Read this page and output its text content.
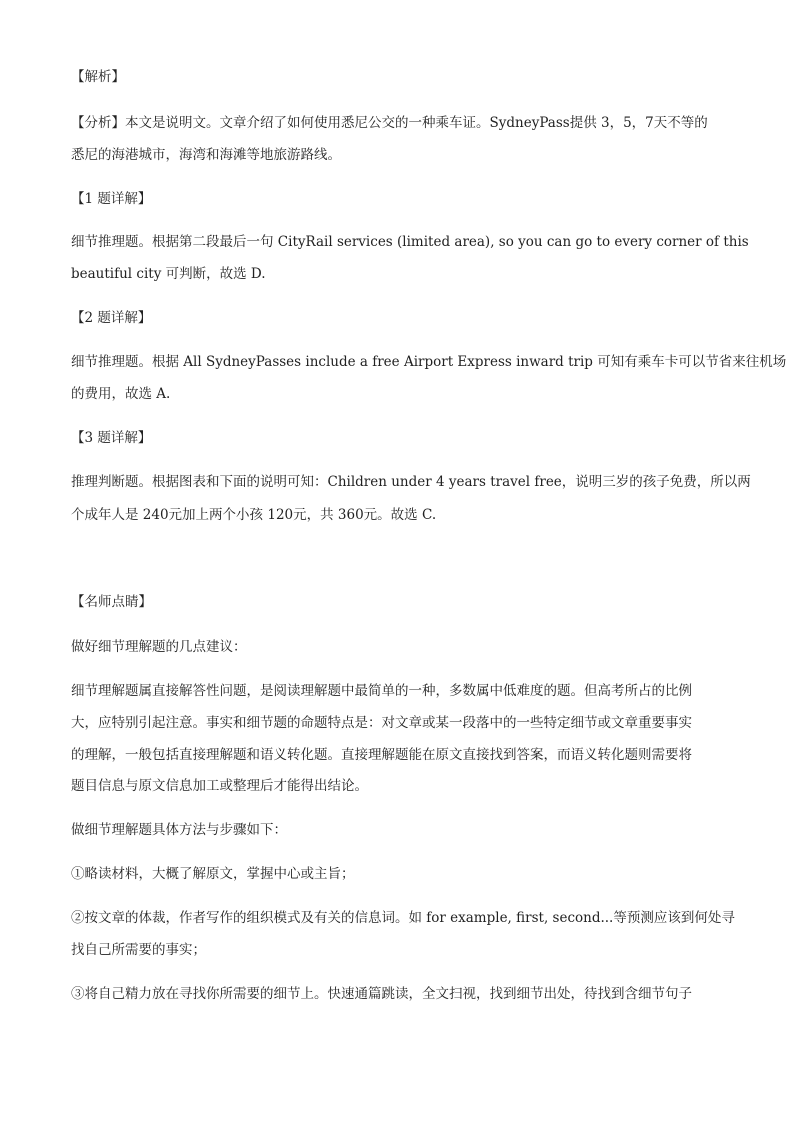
【解析】
【分析】本文是说明文。文章介绍了如何使用悉尼公交的一种乘车证。SydneyPass提供 3，5，7天不等的
悉尼的海港城市，海湾和海滩等地旅游路线。
【1 题详解】
细节推理题。根据第二段最后一句 CityRail services (limited area), so you can go to every corner of this
beautiful city 可判断，故选 D.
【2 题详解】
细节推理题。根据 All SydneyPasses include a free Airport Express inward trip 可知有乘车卡可以节省来往机场
的费用，故选 A.
【3 题详解】
推理判断题。根据图表和下面的说明可知：Children under 4 years travel free，说明三岁的孩子免费，所以两
个成年人是 240元加上两个小孩 120元，共 360元。故选 C.
【名师点睛】
做好细节理解题的几点建议：
细节理解题属直接解答性问题，是阅读理解题中最简单的一种，多数属中低难度的题。但高考所占的比例
大，应特别引起注意。事实和细节题的命题特点是：对文章或某一段落中的一些特定细节或文章重要事实
的理解，一般包括直接理解题和语义转化题。直接理解题能在原文直接找到答案，而语义转化题则需要将
题目信息与原文信息加工或整理后才能得出结论。
做细节理解题具体方法与步骤如下：
①略读材料，大概了解原文，掌握中心或主旨；
②按文章的体裁，作者写作的组织模式及有关的信息词。如 for example, first, second...等预测应该到何处寻
找自己所需要的事实；
③将自己精力放在寻找你所需要的细节上。快速通篇跳读，全文扫视，找到细节出处，待找到含细节句子
